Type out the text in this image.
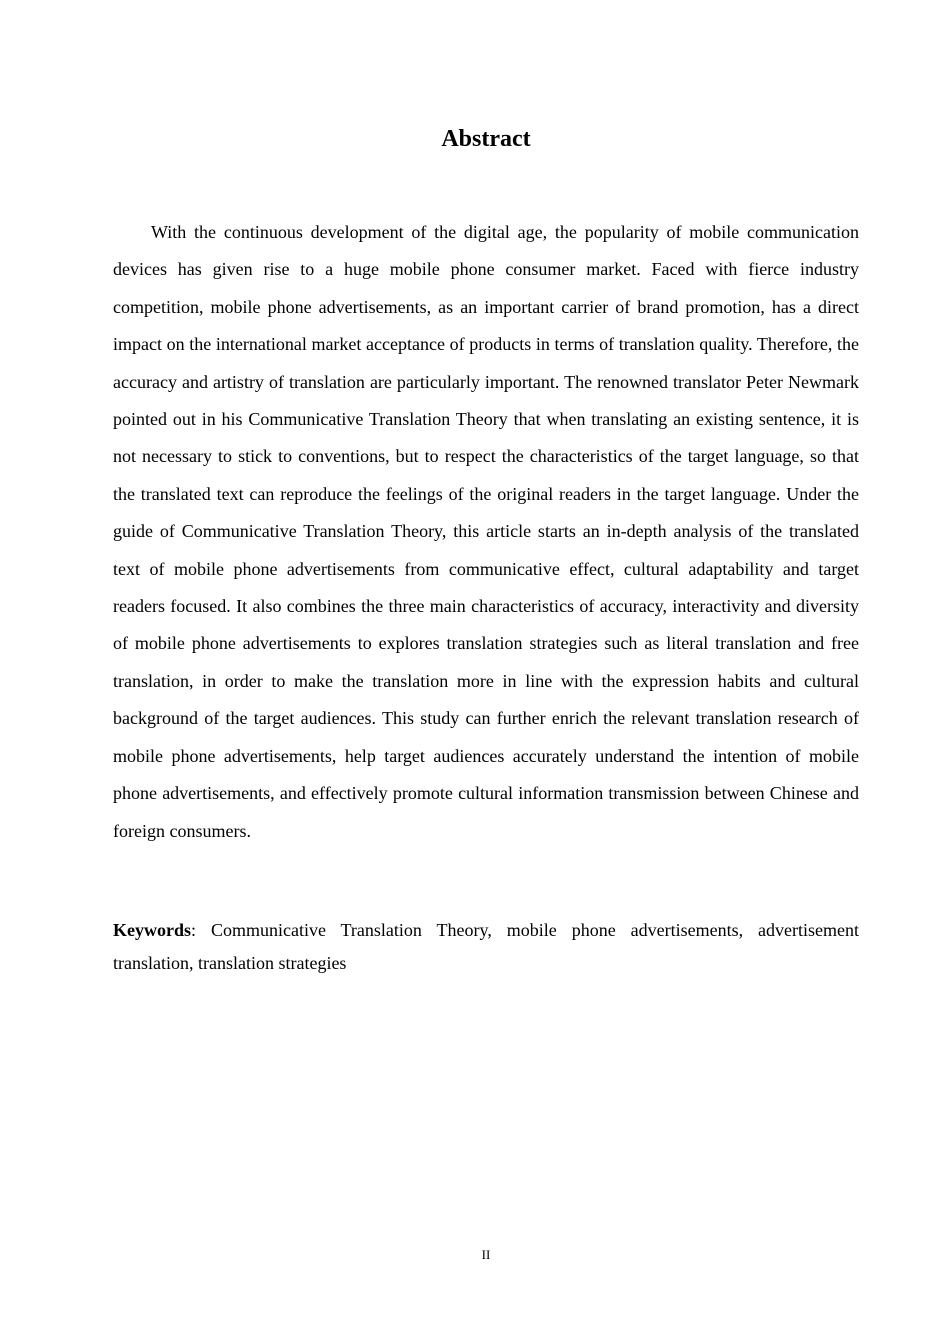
Abstract

With the continuous development of the digital age, the popularity of mobile communication devices has given rise to a huge mobile phone consumer market. Faced with fierce industry competition, mobile phone advertisements, as an important carrier of brand promotion, has a direct impact on the international market acceptance of products in terms of translation quality. Therefore, the accuracy and artistry of translation are particularly important. The renowned translator Peter Newmark pointed out in his Communicative Translation Theory that when translating an existing sentence, it is not necessary to stick to conventions, but to respect the characteristics of the target language, so that the translated text can reproduce the feelings of the original readers in the target language. Under the guide of Communicative Translation Theory, this article starts an in-depth analysis of the translated text of mobile phone advertisements from communicative effect, cultural adaptability and target readers focused. It also combines the three main characteristics of accuracy, interactivity and diversity of mobile phone advertisements to explores translation strategies such as literal translation and free translation, in order to make the translation more in line with the expression habits and cultural background of the target audiences. This study can further enrich the relevant translation research of mobile phone advertisements, help target audiences accurately understand the intention of mobile phone advertisements, and effectively promote cultural information transmission between Chinese and foreign consumers.

Keywords: Communicative Translation Theory, mobile phone advertisements, advertisement translation, translation strategies

II
